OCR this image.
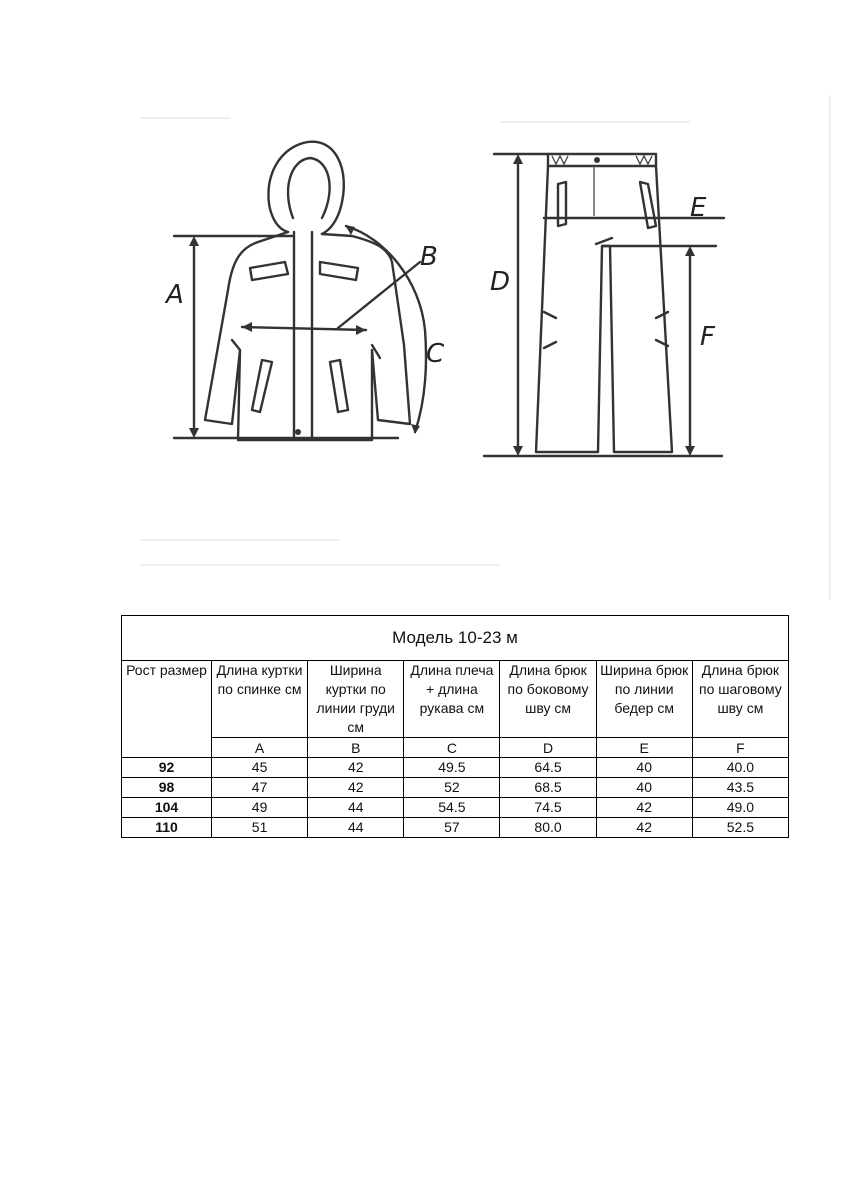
A
B
C
D
E
F
Модель 10-23 м						
Рост размер	Длина куртки по спинке см	Ширина куртки по линии груди см	Длина плеча + длина рукава см	Длина брюк по боковому шву см	Ширина брюк по линии бедер см	Длина брюк по шаговому шву см
	A	B	C	D	E	F
92	45	42	49.5	64.5	40	40.0
98	47	42	52	68.5	40	43.5
104	49	44	54.5	74.5	42	49.0
110	51	44	57	80.0	42	52.5
